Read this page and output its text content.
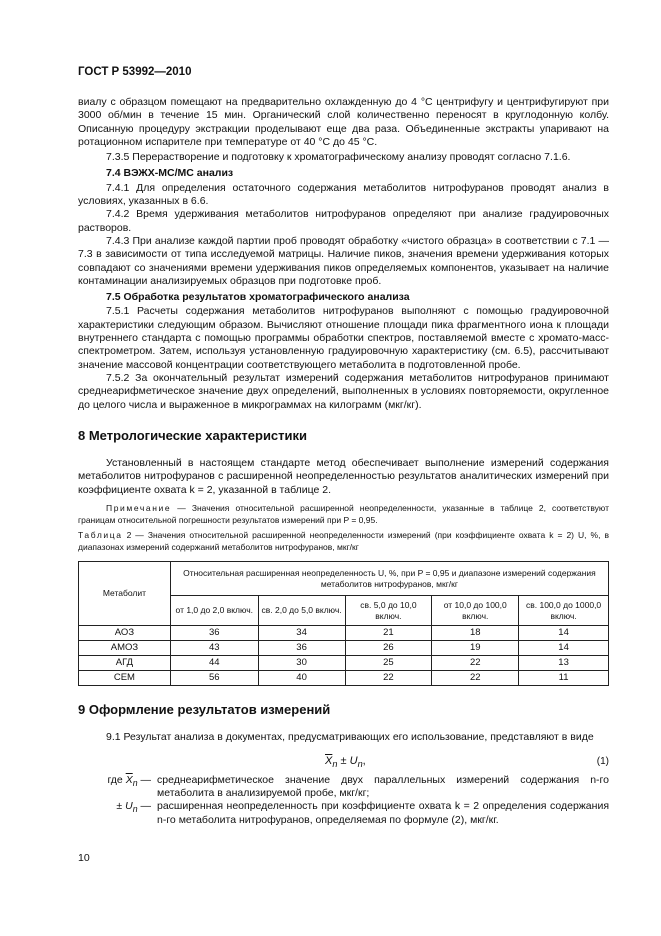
ГОСТ Р 53992—2010

виалу с образцом помещают на предварительно охлажденную до 4 °С центрифугу и центрифугируют при 3000 об/мин в течение 15 мин. Органический слой количественно переносят в круглодонную колбу. Описанную процедуру экстракции проделывают еще два раза. Объединенные экстракты упаривают на ротационном испарителе при температуре от 40 °С до 45 °С.

7.3.5 Перерастворение и подготовку к хроматографическому анализу проводят согласно 7.1.6.

7.4 ВЭЖХ-МС/МС анализ

7.4.1 Для определения остаточного содержания метаболитов нитрофуранов проводят анализ в условиях, указанных в 6.6.

7.4.2 Время удерживания метаболитов нитрофуранов определяют при анализе градуировочных растворов.

7.4.3 При анализе каждой партии проб проводят обработку «чистого образца» в соответствии с 7.1 — 7.3 в зависимости от типа исследуемой матрицы. Наличие пиков, значения времени удерживания которых совпадают со значениями времени удерживания пиков определяемых компонентов, указывает на наличие контаминации анализируемых образцов при подготовке проб.

7.5 Обработка результатов хроматографического анализа

7.5.1 Расчеты содержания метаболитов нитрофуранов выполняют с помощью градуировочной характеристики следующим образом. Вычисляют отношение площади пика фрагментного иона к площади внутреннего стандарта с помощью программы обработки спектров, поставляемой вместе с хромато-масс-спектрометром. Затем, используя установленную градуировочную характеристику (см. 6.5), рассчитывают значение массовой концентрации соответствующего метаболита в подготовленной пробе.

7.5.2 За окончательный результат измерений содержания метаболитов нитрофуранов принимают среднеарифметическое значение двух определений, выполненных в условиях повторяемости, округленное до целого числа и выраженное в микрограммах на килограмм (мкг/кг).

8 Метрологические характеристики

Установленный в настоящем стандарте метод обеспечивает выполнение измерений содержания метаболитов нитрофуранов с расширенной неопределенностью результатов аналитических измерений при коэффициенте охвата k = 2, указанной в таблице 2.

Примечание — Значения относительной расширенной неопределенности, указанные в таблице 2, соответствуют границам относительной погрешности результатов измерений при P = 0,95.

Таблица 2 — Значения относительной расширенной неопределенности измерений (при коэффициенте охвата k = 2) U, %, в диапазонах измерений содержаний метаболитов нитрофуранов, мкг/кг

Метаболит	Относительная расширенная неопределенность U, %, при P = 0,95 и диапазоне измерений содержания метаболитов нитрофуранов, мкг/кг				
	от 1,0 до 2,0 включ.	св. 2,0 до 5,0 включ.	св. 5,0 до 10,0 включ.	от 10,0 до 100,0 включ.	св. 100,0 до 1000,0 включ.
АОЗ	36	34	21	18	14
АМОЗ	43	36	26	19	14
АГД	44	30	25	22	13
СЕМ	56	40	22	22	11

9 Оформление результатов измерений

9.1 Результат анализа в документах, предусматривающих его использование, представляют в виде

$\overline{X}_n \pm U_n$,	(1)
где $\overline{X}_n$ — среднеарифметическое значение двух параллельных измерений содержания n-го метаболита в анализируемой пробе, мкг/кг;
± $U_n$ — расширенная неопределенность при коэффициенте охвата k = 2 определения содержания n-го метаболита нитрофуранов, определяемая по формуле (2), мкг/кг.
10
